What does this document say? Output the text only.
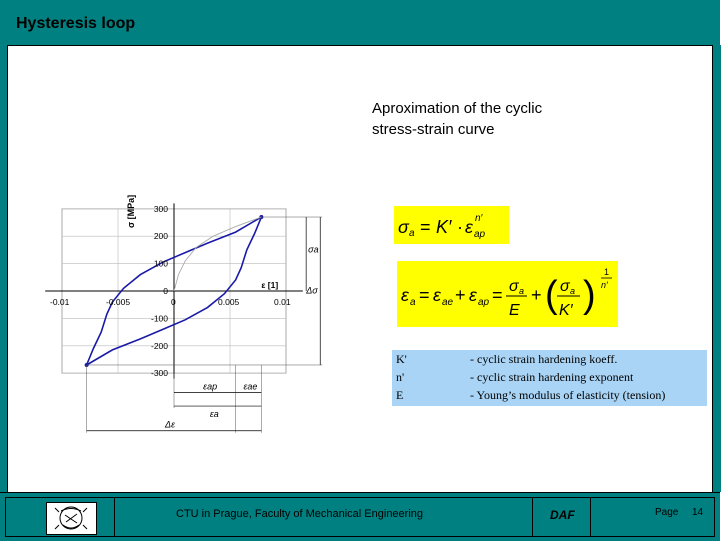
Hysteresis loop
Aproximation of the cyclic
stress-strain curve
-0.01	-0.005	0	0.005	0.01
300
200
100
0
-100
-200
-300
σ [MPa]
ε [1]
σa
Δσ
εap	εae
εa
Δε
σ a = K′ · ε ap
n′
ε a = ε ae + ε ap = σ a
E
+ ( σ a
K′ )
1
n′
K'	- cyclic strain hardening koeff.
n'	- cyclic strain hardening exponent
E	- Young’s modulus of elasticity (tension)
CTU in Prague, Faculty of Mechanical Engineering	DAF	Page 14
